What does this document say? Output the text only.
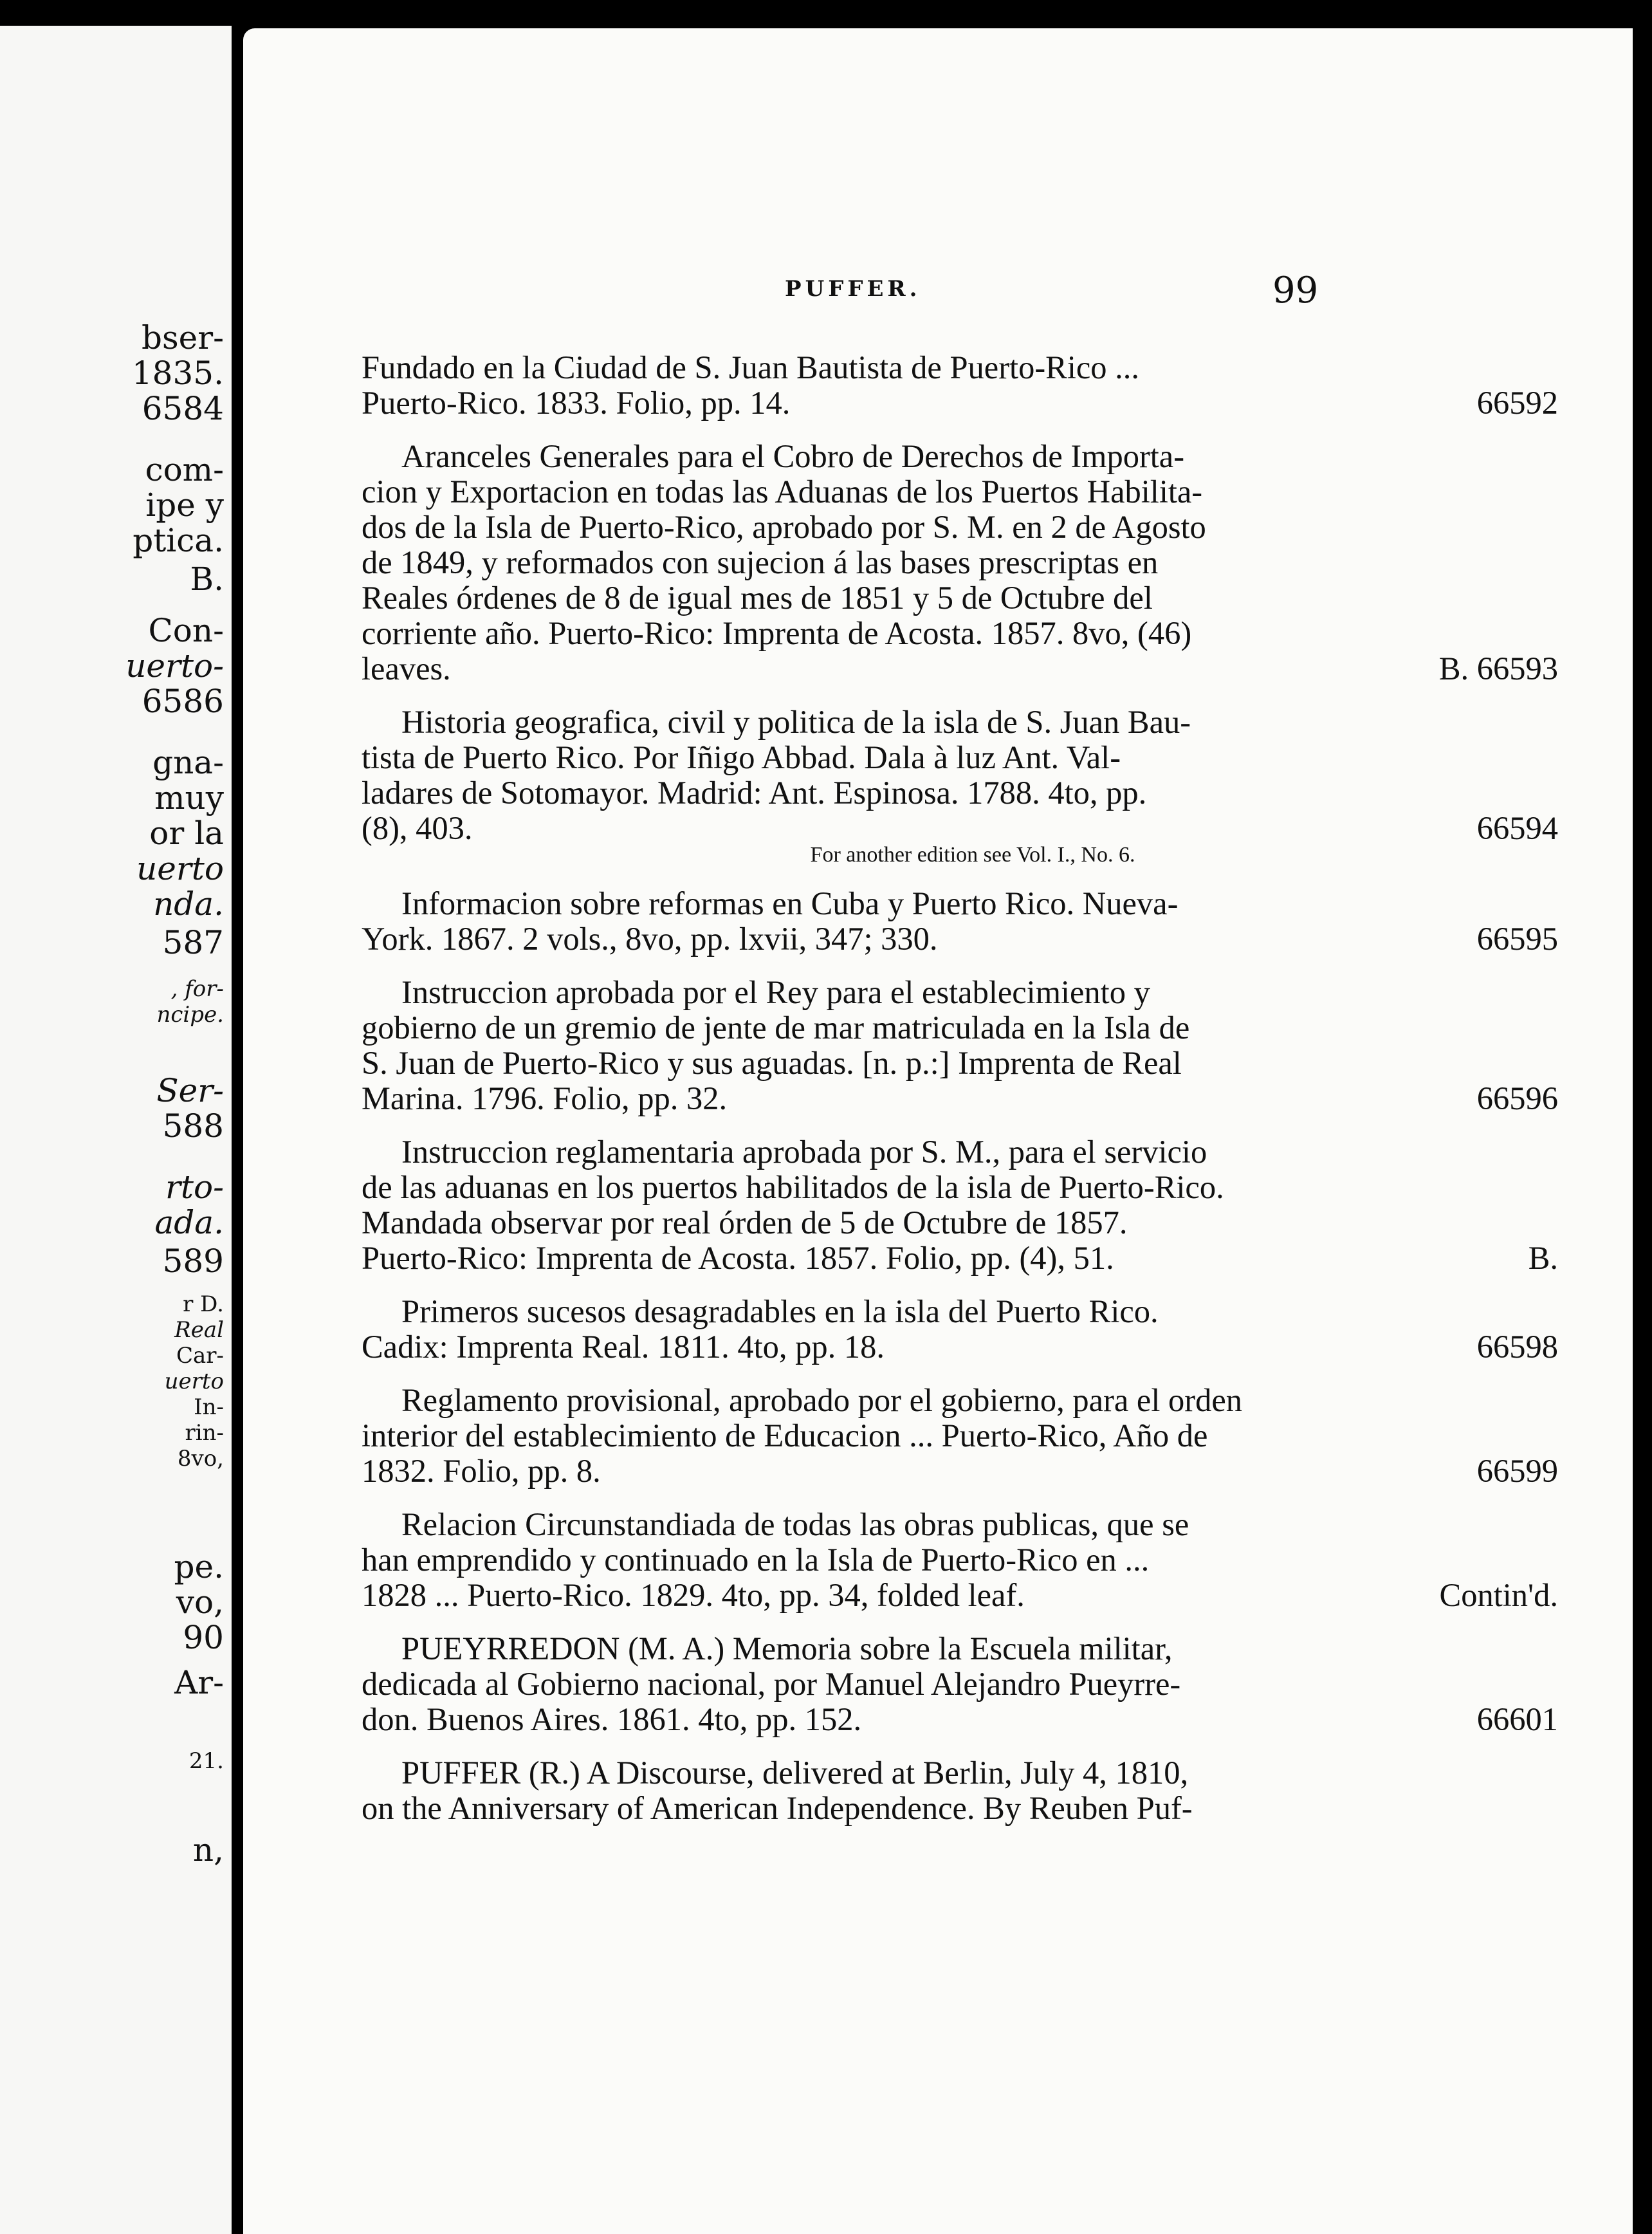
bser-
1835.
6584
com-
ipe y
ptica.
B.
Con-
uerto-
6586
gna-
muy
or la
uerto
nda.
587
, for-
ncipe.
Ser-
588
rto-
ada.
589
r D.
Real
Car-
uerto
In-
rin-
8vo,
pe.
vo,
90
Ar-
21.
n,
PUFFER.	99
Fundado en la Ciudad de S. Juan Bautista de Puerto-Rico ...
Puerto-Rico. 1833. Folio, pp. 14.	66592
Aranceles Generales para el Cobro de Derechos de Importa-
cion y Exportacion en todas las Aduanas de los Puertos Habilita-
dos de la Isla de Puerto-Rico, aprobado por S. M. en 2 de Agosto
de 1849, y reformados con sujecion á las bases prescriptas en
Reales órdenes de 8 de igual mes de 1851 y 5 de Octubre del
corriente año. Puerto-Rico: Imprenta de Acosta. 1857. 8vo, (46)
leaves.	B. 66593
Historia geografica, civil y politica de la isla de S. Juan Bau-
tista de Puerto Rico. Por Iñigo Abbad. Dala à luz Ant. Val-
ladares de Sotomayor. Madrid: Ant. Espinosa. 1788. 4to, pp.
(8), 403.	66594
For another edition see Vol. I., No. 6.
Informacion sobre reformas en Cuba y Puerto Rico. Nueva-
York. 1867. 2 vols., 8vo, pp. lxvii, 347; 330.	66595
Instruccion aprobada por el Rey para el establecimiento y
gobierno de un gremio de jente de mar matriculada en la Isla de
S. Juan de Puerto-Rico y sus aguadas. [n. p.:] Imprenta de Real
Marina. 1796. Folio, pp. 32.	66596
Instruccion reglamentaria aprobada por S. M., para el servicio
de las aduanas en los puertos habilitados de la isla de Puerto-Rico.
Mandada observar por real órden de 5 de Octubre de 1857.
Puerto-Rico: Imprenta de Acosta. 1857. Folio, pp. (4), 51.	B.
Primeros sucesos desagradables en la isla del Puerto Rico.
Cadix: Imprenta Real. 1811. 4to, pp. 18.	66598
Reglamento provisional, aprobado por el gobierno, para el orden
interior del establecimiento de Educacion ... Puerto-Rico, Año de
1832. Folio, pp. 8.	66599
Relacion Circunstandiada de todas las obras publicas, que se
han emprendido y continuado en la Isla de Puerto-Rico en ...
1828 ... Puerto-Rico. 1829. 4to, pp. 34, folded leaf.	Contin'd.
PUEYRREDON (M. A.) Memoria sobre la Escuela militar,
dedicada al Gobierno nacional, por Manuel Alejandro Pueyrre-
don. Buenos Aires. 1861. 4to, pp. 152.	66601
PUFFER (R.) A Discourse, delivered at Berlin, July 4, 1810,
on the Anniversary of American Independence. By Reuben Puf-
